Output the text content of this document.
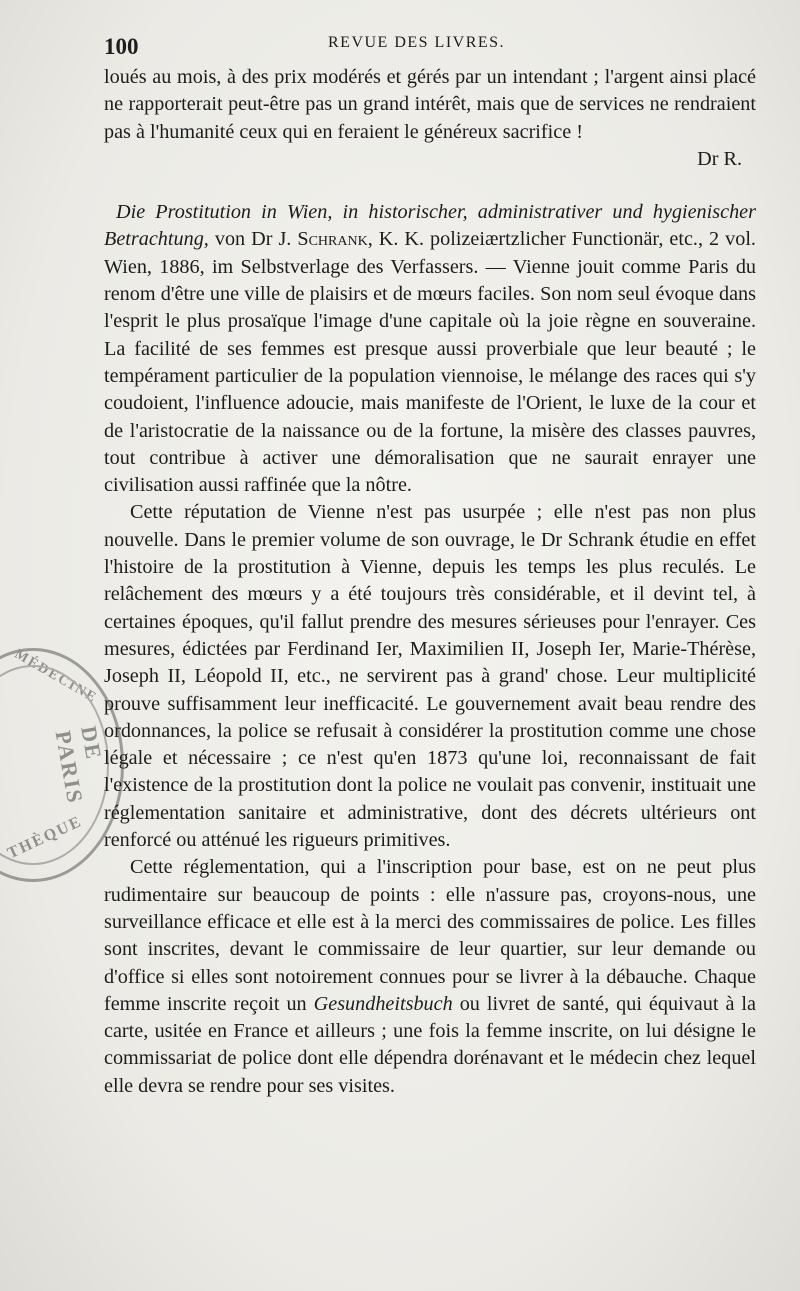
MÉDECINE
DE PARIS
THÈQUE
100	REVUE DES LIVRES.

loués au mois, à des prix modérés et gérés par un intendant ; l'argent ainsi placé ne rapporterait peut-être pas un grand intérêt, mais que de services ne rendraient pas à l'humanité ceux qui en feraient le généreux sacrifice !

Dr R.

Die Prostitution in Wien, in historischer, administrativer und hygienischer Betrachtung, von Dr J. Schrank, K. K. polizeiærtzlicher Functionär, etc., 2 vol. Wien, 1886, im Selbstverlage des Verfassers. — Vienne jouit comme Paris du renom d'être une ville de plaisirs et de mœurs faciles. Son nom seul évoque dans l'esprit le plus prosaïque l'image d'une capitale où la joie règne en souveraine. La facilité de ses femmes est presque aussi proverbiale que leur beauté ; le tempérament particulier de la population viennoise, le mélange des races qui s'y coudoient, l'influence adoucie, mais manifeste de l'Orient, le luxe de la cour et de l'aristocratie de la naissance ou de la fortune, la misère des classes pauvres, tout contribue à activer une démoralisation que ne saurait enrayer une civilisation aussi raffinée que la nôtre.

Cette réputation de Vienne n'est pas usurpée ; elle n'est pas non plus nouvelle. Dans le premier volume de son ouvrage, le Dr Schrank étudie en effet l'histoire de la prostitution à Vienne, depuis les temps les plus reculés. Le relâchement des mœurs y a été toujours très considérable, et il devint tel, à certaines époques, qu'il fallut prendre des mesures sérieuses pour l'enrayer. Ces mesures, édictées par Ferdinand Ier, Maximilien II, Joseph Ier, Marie-Thérèse, Joseph II, Léopold II, etc., ne servirent pas à grand' chose. Leur multiplicité prouve suffisamment leur inefficacité. Le gouvernement avait beau rendre des ordonnances, la police se refusait à considérer la prostitution comme une chose légale et nécessaire ; ce n'est qu'en 1873 qu'une loi, reconnaissant de fait l'existence de la prostitution dont la police ne voulait pas convenir, instituait une réglementation sanitaire et administrative, dont des décrets ultérieurs ont renforcé ou atténué les rigueurs primitives.

Cette réglementation, qui a l'inscription pour base, est on ne peut plus rudimentaire sur beaucoup de points : elle n'assure pas, croyons-nous, une surveillance efficace et elle est à la merci des commissaires de police. Les filles sont inscrites, devant le commissaire de leur quartier, sur leur demande ou d'office si elles sont notoirement connues pour se livrer à la débauche. Chaque femme inscrite reçoit un Gesundheitsbuch ou livret de santé, qui équivaut à la carte, usitée en France et ailleurs ; une fois la femme inscrite, on lui désigne le commissariat de police dont elle dépendra dorénavant et le médecin chez lequel elle devra se rendre pour ses visites.
